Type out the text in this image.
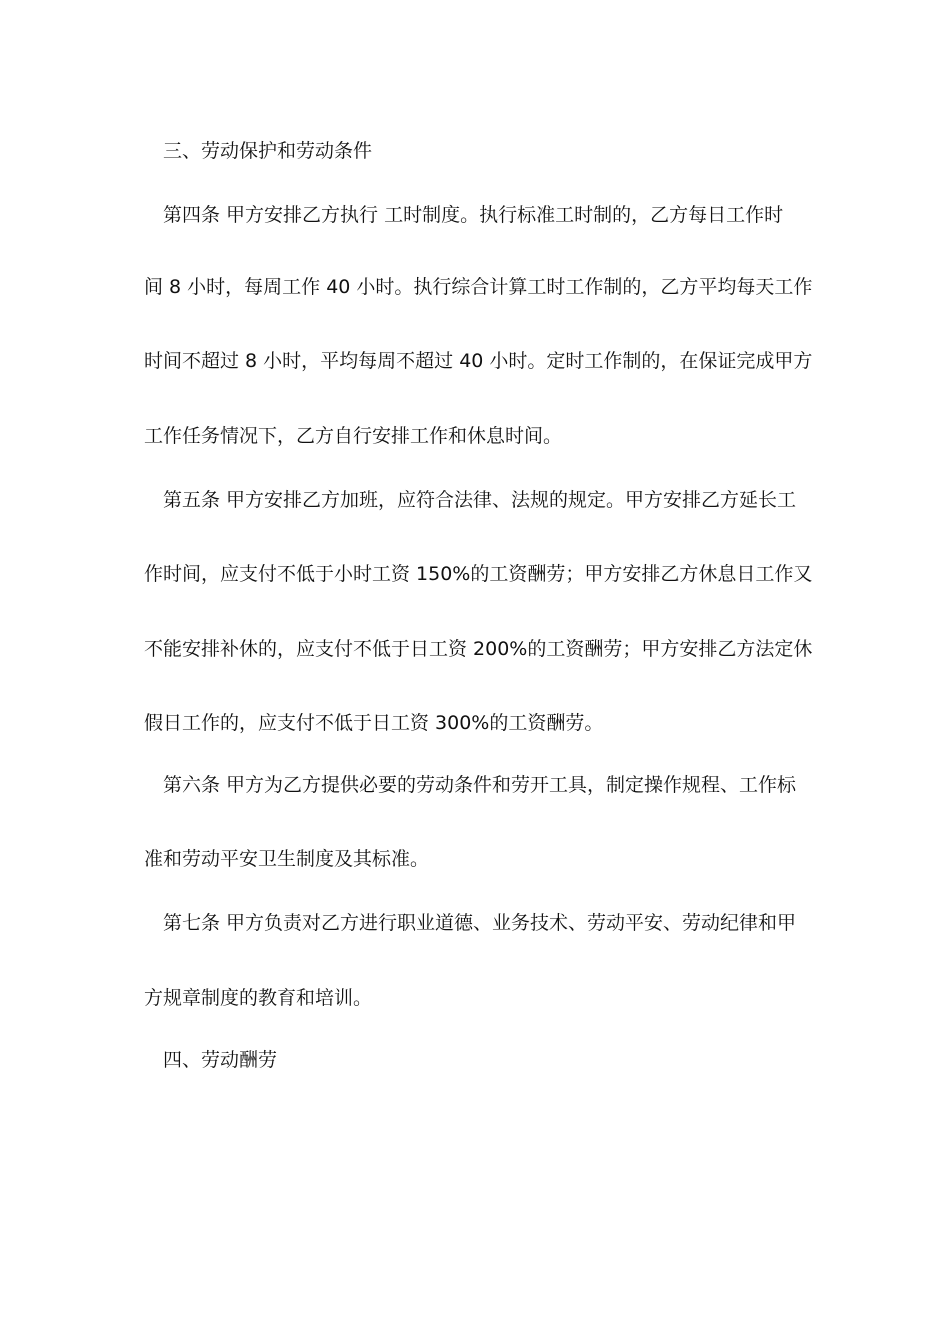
三、劳动保护和劳动条件
第四条 甲方安排乙方执行 工时制度。执行标准工时制的，乙方每日工作时
间 8 小时，每周工作 40 小时。执行综合计算工时工作制的，乙方平均每天工作
时间不超过 8 小时，平均每周不超过 40 小时。定时工作制的，在保证完成甲方
工作任务情况下，乙方自行安排工作和休息时间。
第五条 甲方安排乙方加班，应符合法律、法规的规定。甲方安排乙方延长工
作时间，应支付不低于小时工资 150%的工资酬劳；甲方安排乙方休息日工作又
不能安排补休的，应支付不低于日工资 200%的工资酬劳；甲方安排乙方法定休
假日工作的，应支付不低于日工资 300%的工资酬劳。
第六条 甲方为乙方提供必要的劳动条件和劳开工具，制定操作规程、工作标
准和劳动平安卫生制度及其标准。
第七条 甲方负责对乙方进行职业道德、业务技术、劳动平安、劳动纪律和甲
方规章制度的教育和培训。
四、劳动酬劳
